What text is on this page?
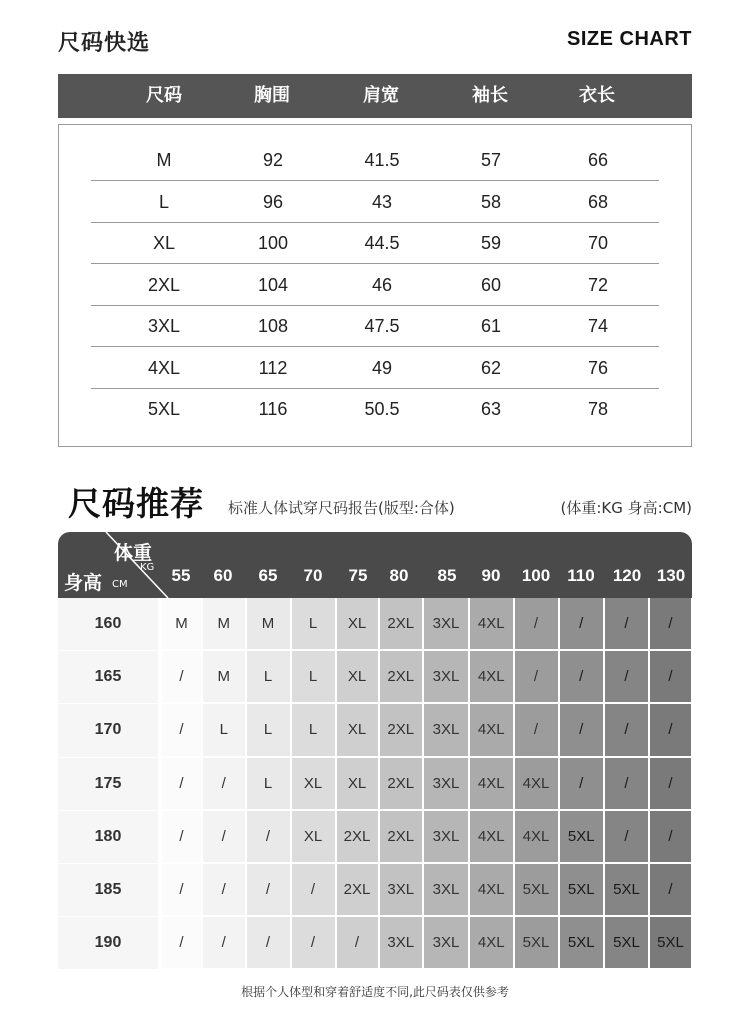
尺码快选	SIZE CHART
尺码	胸围	肩宽	袖长	衣长
M	92	41.5	57	66
L	96	43	58	68
XL	100	44.5	59	70
2XL	104	46	60	72
3XL	108	47.5	61	74
4XL	112	49	62	76
5XL	116	50.5	63	78
尺码推荐 标准人体试穿尺码报告(版型:合体)	(体重:KG 身高:CM)
体重
KG
身高 CM	55	60	65	70	75	80	85	90	100	110	120 130
160	M	M	M	L	XL	2XL	3XL	4XL	/	/	/	/
165	/	M	L	L	XL	2XL	3XL	4XL	/	/	/	/
170	/	L	L	L	XL	2XL	3XL	4XL	/	/	/	/
175	/	/	L	XL	XL	2XL	3XL	4XL	4XL	/	/	/
180	/	/	/	XL	2XL	2XL	3XL	4XL	4XL	5XL	/	/
185	/	/	/	/	2XL	3XL	3XL	4XL	5XL	5XL	5XL	/
190	/	/	/	/	/	3XL	3XL	4XL	5XL	5XL	5XL	5XL
根据个人体型和穿着舒适度不同,此尺码表仅供参考
